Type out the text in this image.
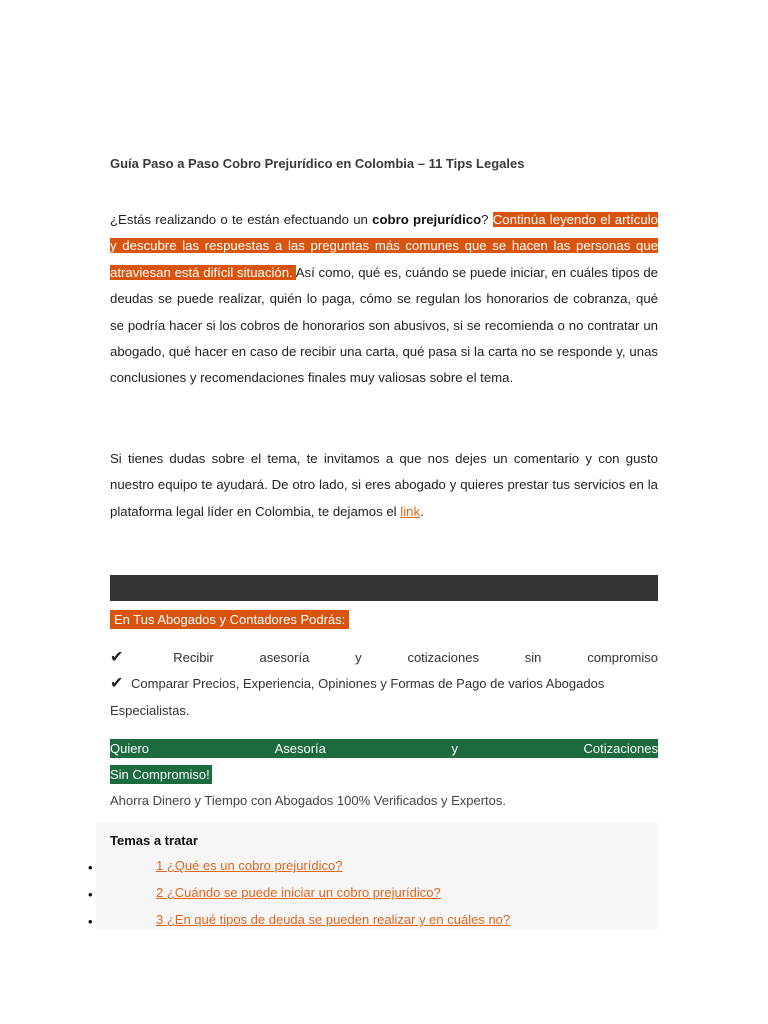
Guía Paso a Paso Cobro Prejurídico en Colombia – 11 Tips Legales
¿Estás realizando o te están efectuando un cobro prejurídico? Continúa leyendo el artículo y descubre las respuestas a las preguntas más comunes que se hacen las personas que atraviesan está difícil situación. Así como, qué es, cuándo se puede iniciar, en cuáles tipos de deudas se puede realizar, quién lo paga, cómo se regulan los honorarios de cobranza, qué se podría hacer si los cobros de honorarios son abusivos, si se recomienda o no contratar un abogado, qué hacer en caso de recibir una carta, qué pasa si la carta no se responde y, unas conclusiones y recomendaciones finales muy valiosas sobre el tema.
Si tienes dudas sobre el tema, te invitamos a que nos dejes un comentario y con gusto nuestro equipo te ayudará. De otro lado, si eres abogado y quieres prestar tus servicios en la plataforma legal líder en Colombia, te dejamos el link.
En Tus Abogados y Contadores Podrás:
✔	Recibir	asesoría	y	cotizaciones	sin	compromiso
✔ Comparar Precios, Experiencia, Opiniones y Formas de Pago de varios Abogados Especialistas.
Quiero	Asesoría	y	Cotizaciones
Sin Compromiso!
Ahorra Dinero y Tiempo con Abogados 100% Verificados y Expertos.
Temas a tratar
•	1 ¿Qué es un cobro prejurídico?
•	2 ¿Cuándo se puede iniciar un cobro prejurídico?
•	3 ¿En qué tipos de deuda se pueden realizar y en cuáles no?
